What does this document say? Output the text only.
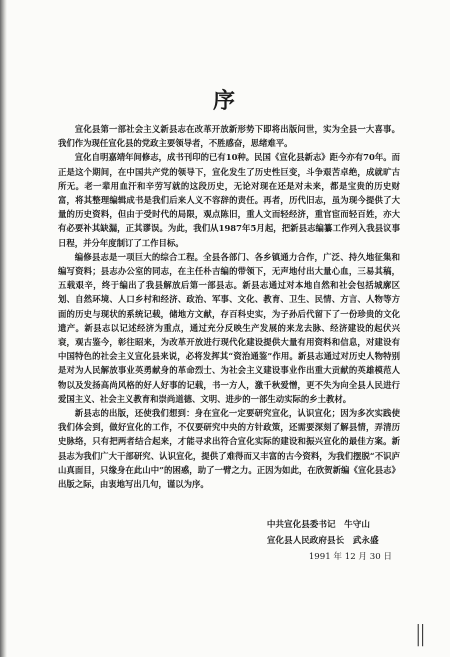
序

宣化县第一部社会主义新县志在改革开放新形势下即将出版问世，实为全县一大喜事。我们作为现任宣化县的党政主要领导者，不胜感奋，思绪难平。

宣化自明嘉靖年间修志，成书刊印的已有10种。民国《宣化县新志》距今亦有70年。而正是这个期间，在中国共产党的领导下，宣化发生了历史性巨变，斗争艰苦卓绝，成就旷古所无。老一辈用血汗和辛劳写就的这段历史，无论对现在还是对未来，都是宝贵的历史财富，将其整理编辑成书是我们后来人义不容辞的责任。再者，历代旧志，虽为现今提供了大量的历史资料，但由于受时代的局限，观点陈旧，重人文而轻经济，重官宦而轻百姓，亦大有必要补其缺漏，正其谬误。为此，我们从1987年5月起，把新县志编纂工作列入我县议事日程，并分年度制订了工作目标。

编修县志是一项巨大的综合工程。全县各部门、各乡镇通力合作，广泛、持久地征集和编写资料；县志办公室的同志，在主任朴吉编的带领下，无声地付出大量心血，三易其稿，五载艰辛，终于编出了我县解放后第一部县志。新县志通过对本地自然和社会包括城廓区划、自然环境、人口乡村和经济、政治、军事、文化、教育、卫生、民情、方言、人物等方面的历史与现状的系统记载，储地方文献，存百科史实，为子孙后代留下了一份珍贵的文化遗产。新县志以记述经济为重点，通过充分反映生产发展的来龙去脉、经济建设的起伏兴衰，观古鉴今，彰往昭来，为改革开放进行现代化建设提供大量有用资料和信息，对建设有中国特色的社会主义宣化县来说，必将发挥其“资治通鉴”作用。新县志通过对历史人物特别是对为人民解放事业英勇献身的革命烈士、为社会主义建设事业作出重大贡献的英雄模范人物以及发扬高尚风格的好人好事的记载，书一方人，激千秋爱憎，更不失为向全县人民进行爱国主义、社会主义教育和崇尚道德、文明、进步的一部生动实际的乡土教材。

新县志的出版，还使我们想到：身在宣化一定要研究宣化，认识宣化；因为多次实践使我们体会到，做好宣化的工作，不仅要研究中央的方针政策，还需要深刻了解县情，弄清历史脉络，只有把两者结合起来，才能寻求出符合宣化实际的建设和振兴宣化的最佳方案。新县志为我们广大干部研究、认识宣化，提供了难得而又丰富的古今资料，为我们摆脱“不识庐山真面目，只缘身在此山中”的困惑，助了一臂之力。正因为如此，在欣贺新编《宣化县志》出版之际，由衷地写出几句，谨以为序。

中共宣化县委书记　牛守山
宣化县人民政府县长　武永盛
1991 年 12 月 30 日
||
